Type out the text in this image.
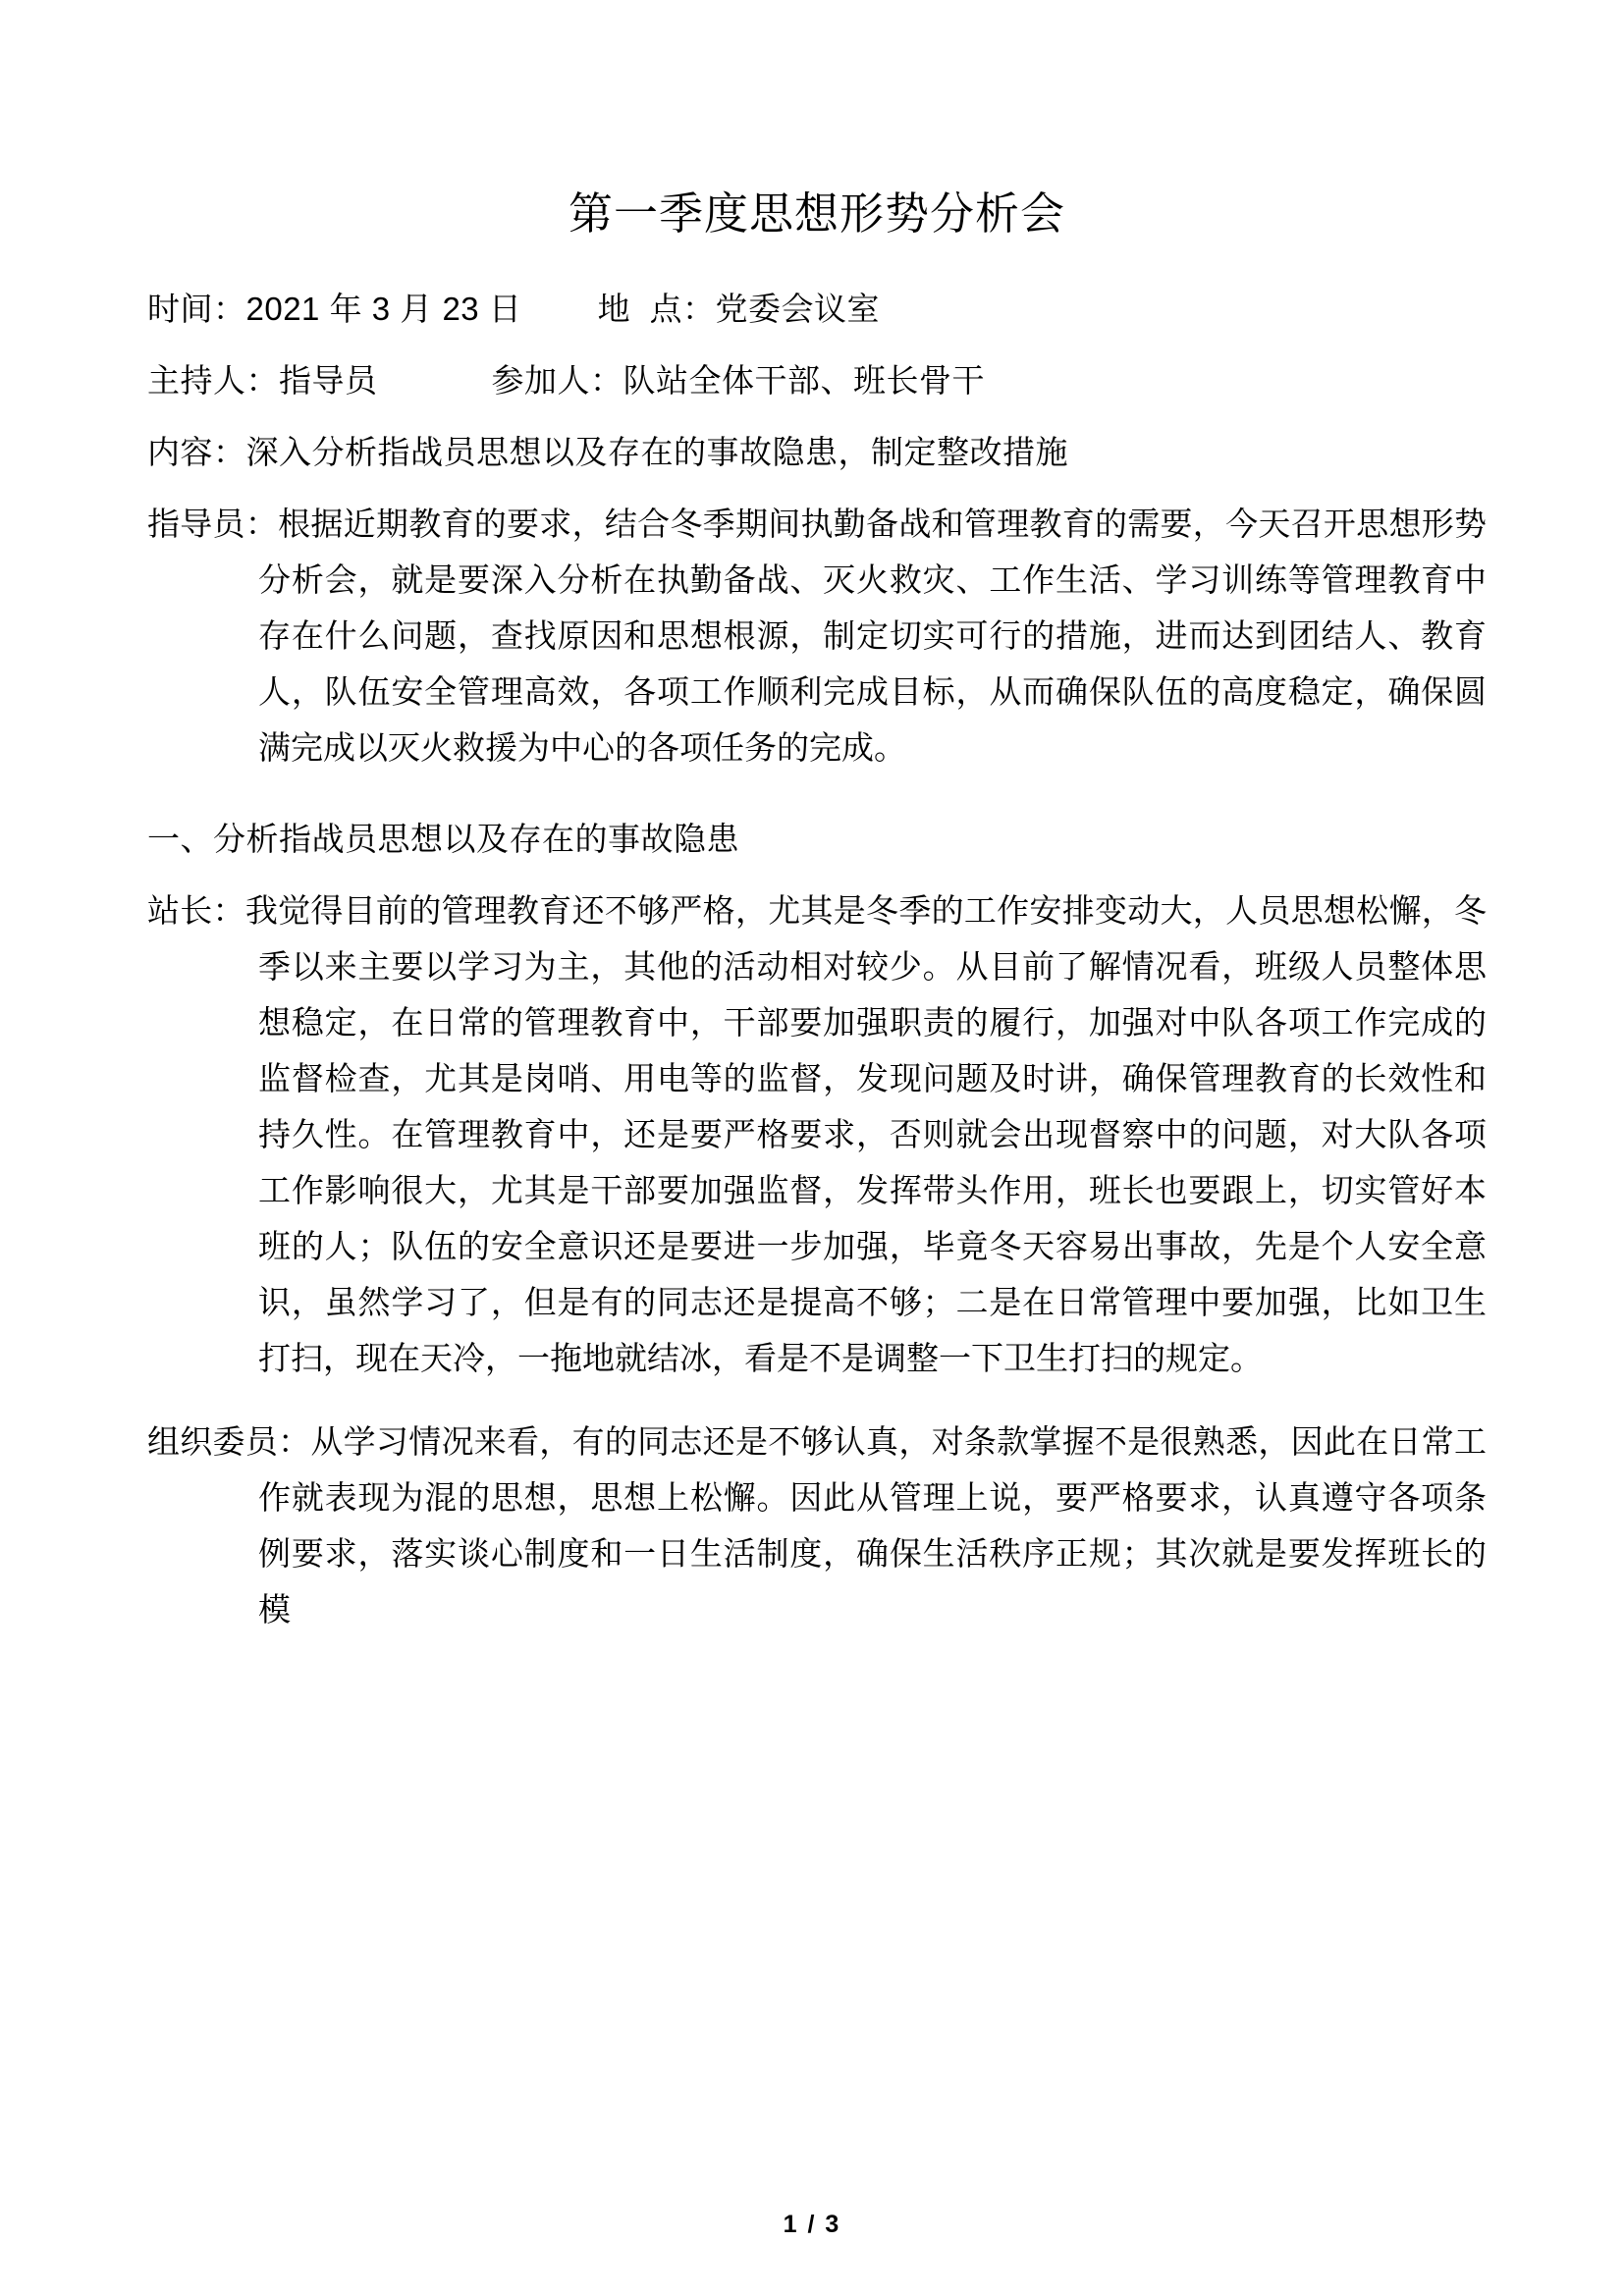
第一季度思想形势分析会

时间：2021 年 3 月 23 日        地  点：党委会议室

主持人：指导员            参加人：队站全体干部、班长骨干

内容：深入分析指战员思想以及存在的事故隐患，制定整改措施

指导员：根据近期教育的要求，结合冬季期间执勤备战和管理教育的需要，今天召开思想形势分析会，就是要深入分析在执勤备战、灭火救灾、工作生活、学习训练等管理教育中存在什么问题，查找原因和思想根源，制定切实可行的措施，进而达到团结人、教育人，队伍安全管理高效，各项工作顺利完成目标，从而确保队伍的高度稳定，确保圆满完成以灭火救援为中心的各项任务的完成。

一、分析指战员思想以及存在的事故隐患

站长：我觉得目前的管理教育还不够严格，尤其是冬季的工作安排变动大，人员思想松懈，冬季以来主要以学习为主，其他的活动相对较少。从目前了解情况看，班级人员整体思想稳定，在日常的管理教育中，干部要加强职责的履行，加强对中队各项工作完成的监督检查，尤其是岗哨、用电等的监督，发现问题及时讲，确保管理教育的长效性和持久性。在管理教育中，还是要严格要求，否则就会出现督察中的问题，对大队各项工作影响很大，尤其是干部要加强监督，发挥带头作用，班长也要跟上，切实管好本班的人；队伍的安全意识还是要进一步加强，毕竟冬天容易出事故，先是个人安全意识，虽然学习了，但是有的同志还是提高不够；二是在日常管理中要加强，比如卫生打扫，现在天冷，一拖地就结冰，看是不是调整一下卫生打扫的规定。

组织委员：从学习情况来看，有的同志还是不够认真，对条款掌握不是很熟悉，因此在日常工作就表现为混的思想，思想上松懈。因此从管理上说，要严格要求，认真遵守各项条例要求，落实谈心制度和一日生活制度，确保生活秩序正规；其次就是要发挥班长的模

1 / 3
